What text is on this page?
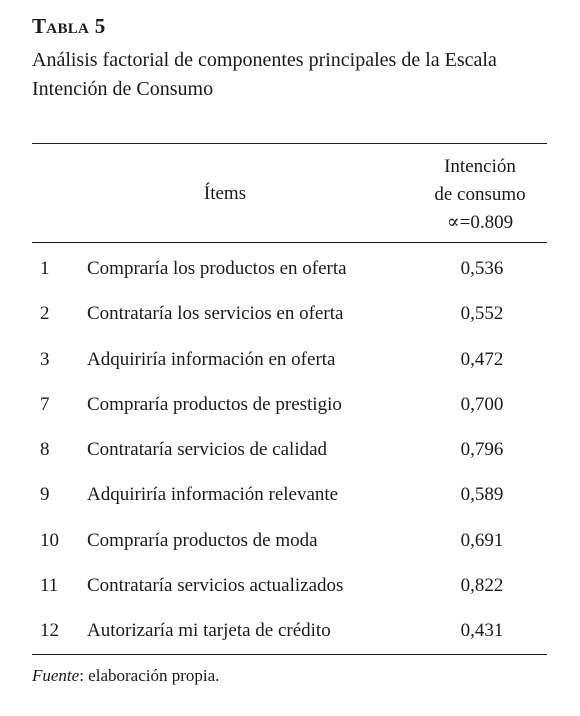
Tabla 5
Análisis factorial de componentes principales de la Escala Intención de Consumo
Ítems
Intención
de consumo
∝=0.809
1 Compraría los productos en oferta	0,536
2 Contrataría los servicios en oferta	0,552
3 Adquiriría información en oferta	0,472
7 Compraría productos de prestigio	0,700
8 Contrataría servicios de calidad	0,796
9 Adquiriría información relevante	0,589
10 Compraría productos de moda	0,691
11 Contrataría servicios actualizados	0,822
12 Autorizaría mi tarjeta de crédito	0,431
Fuente: elaboración propia.
